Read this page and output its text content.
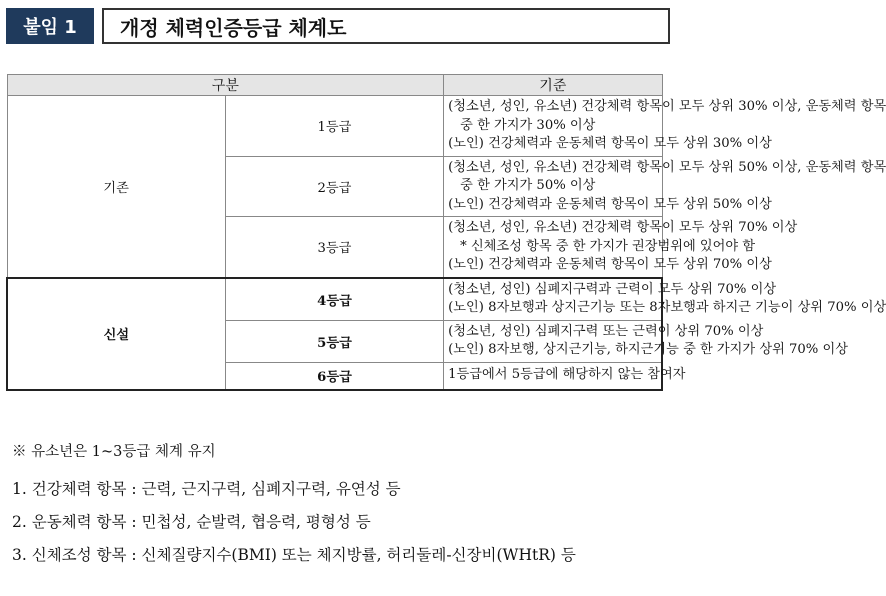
붙임 1	개정 체력인증등급 체계도
구분		기준
기존	1등급	(청소년, 성인, 유소년) 건강체력 항목이 모두 상위 30% 이상, 운동체력 항목
중 한 가지가 30% 이상
(노인) 건강체력과 운동체력 항목이 모두 상위 30% 이상

	2등급	(청소년, 성인, 유소년) 건강체력 항목이 모두 상위 50% 이상, 운동체력 항목
중 한 가지가 50% 이상
(노인) 건강체력과 운동체력 항목이 모두 상위 50% 이상

	3등급	(청소년, 성인, 유소년) 건강체력 항목이 모두 상위 70% 이상
* 신체조성 항목 중 한 가지가 권장범위에 있어야 함
(노인) 건강체력과 운동체력 항목이 모두 상위 70% 이상

신설	4등급	(청소년, 성인) 심폐지구력과 근력이 모두 상위 70% 이상
(노인) 8자보행과 상지근기능 또는 8자보행과 하지근 기능이 상위 70% 이상

	5등급	(청소년, 성인) 심폐지구력 또는 근력이 상위 70% 이상
(노인) 8자보행, 상지근기능, 하지근기능 중 한 가지가 상위 70% 이상

	6등급	1등급에서 5등급에 해당하지 않는 참여자
※ 유소년은 1~3등급 체계 유지
1. 건강체력 항목 : 근력, 근지구력, 심폐지구력, 유연성 등
2. 운동체력 항목 : 민첩성, 순발력, 협응력, 평형성 등
3. 신체조성 항목 : 신체질량지수(BMI) 또는 체지방률, 허리둘레-신장비(WHtR) 등
